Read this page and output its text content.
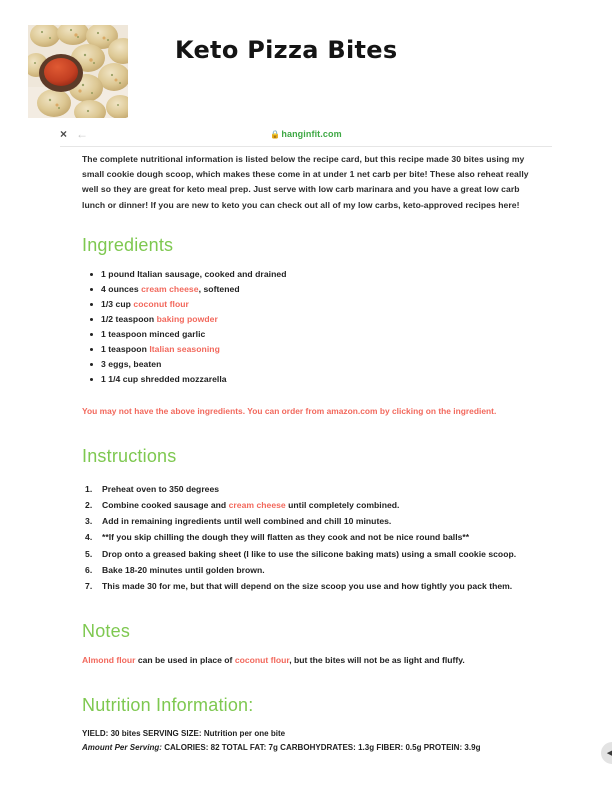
Keto Pizza Bites
× ←	🔒hanginfit.com

The complete nutritional information is listed below the recipe card, but this recipe made 30 bites using my small cookie dough scoop, which makes these come in at under 1 net carb per bite! These also reheat really well so they are great for keto meal prep. Just serve with low carb marinara and you have a great low carb lunch or dinner! If you are new to keto you can check out all of my low carbs, keto-approved recipes here!

Ingredients
1 pound Italian sausage, cooked and drained
4 ounces cream cheese, softened
1/3 cup coconut flour
1/2 teaspoon baking powder
1 teaspoon minced garlic
1 teaspoon Italian seasoning
3 eggs, beaten
1 1/4 cup shredded mozzarella

You may not have the above ingredients. You can order from amazon.com by clicking on the ingredient.

Instructions
Preheat oven to 350 degrees
Combine cooked sausage and cream cheese until completely combined.
Add in remaining ingredients until well combined and chill 10 minutes.
**If you skip chilling the dough they will flatten as they cook and not be nice round balls**
Drop onto a greased baking sheet (I like to use the silicone baking mats) using a small cookie scoop.
Bake 18-20 minutes until golden brown.
This made 30 for me, but that will depend on the size scoop you use and how tightly you pack them.
Notes

Almond flour can be used in place of coconut flour, but the bites will not be as light and fluffy.

Nutrition Information:
YIELD: 30 bites SERVING SIZE: Nutrition per one bite
Amount Per Serving: CALORIES: 82 TOTAL FAT: 7g CARBOHYDRATES: 1.3g FIBER: 0.5g PROTEIN: 3.9g
◀
